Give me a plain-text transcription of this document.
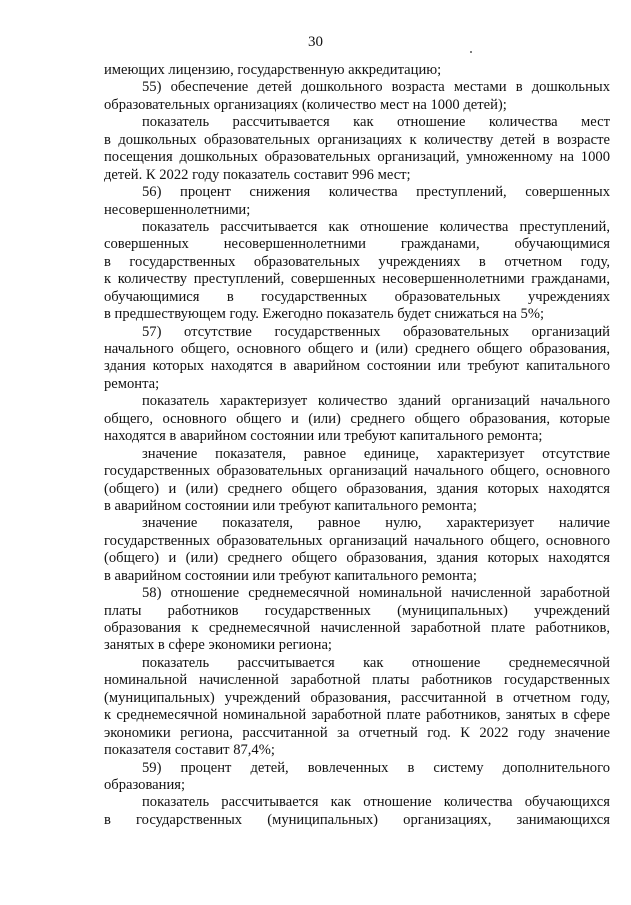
30
имеющих лицензию, государственную аккредитацию;
55) обеспечение детей дошкольного возраста местами в дошкольных
образовательных организациях (количество мест на 1000 детей);
показатель рассчитывается как отношение количества мест
в дошкольных образовательных организациях к количеству детей в возрасте
посещения дошкольных образовательных организаций, умноженному на 1000
детей. К 2022 году показатель составит 996 мест;
56) процент снижения количества преступлений, совершенных
несовершеннолетними;
показатель рассчитывается как отношение количества преступлений,
совершенных несовершеннолетними гражданами, обучающимися
в государственных образовательных учреждениях в отчетном году,
к количеству преступлений, совершенных несовершеннолетними гражданами,
обучающимися в государственных образовательных учреждениях
в предшествующем году. Ежегодно показатель будет снижаться на 5%;
57) отсутствие государственных образовательных организаций
начального общего, основного общего и (или) среднего общего образования,
здания которых находятся в аварийном состоянии или требуют капитального
ремонта;
показатель характеризует количество зданий организаций начального
общего, основного общего и (или) среднего общего образования, которые
находятся в аварийном состоянии или требуют капитального ремонта;
значение показателя, равное единице, характеризует отсутствие
государственных образовательных организаций начального общего, основного
(общего) и (или) среднего общего образования, здания которых находятся
в аварийном состоянии или требуют капитального ремонта;
значение показателя, равное нулю, характеризует наличие
государственных образовательных организаций начального общего, основного
(общего) и (или) среднего общего образования, здания которых находятся
в аварийном состоянии или требуют капитального ремонта;
58) отношение среднемесячной номинальной начисленной заработной
платы работников государственных (муниципальных) учреждений
образования к среднемесячной начисленной заработной плате работников,
занятых в сфере экономики региона;
показатель рассчитывается как отношение среднемесячной
номинальной начисленной заработной платы работников государственных
(муниципальных) учреждений образования, рассчитанной в отчетном году,
к среднемесячной номинальной заработной плате работников, занятых в сфере
экономики региона, рассчитанной за отчетный год. К 2022 году значение
показателя составит 87,4%;
59) процент детей, вовлеченных в систему дополнительного
образования;
показатель рассчитывается как отношение количества обучающихся
в государственных (муниципальных) организациях, занимающихся
